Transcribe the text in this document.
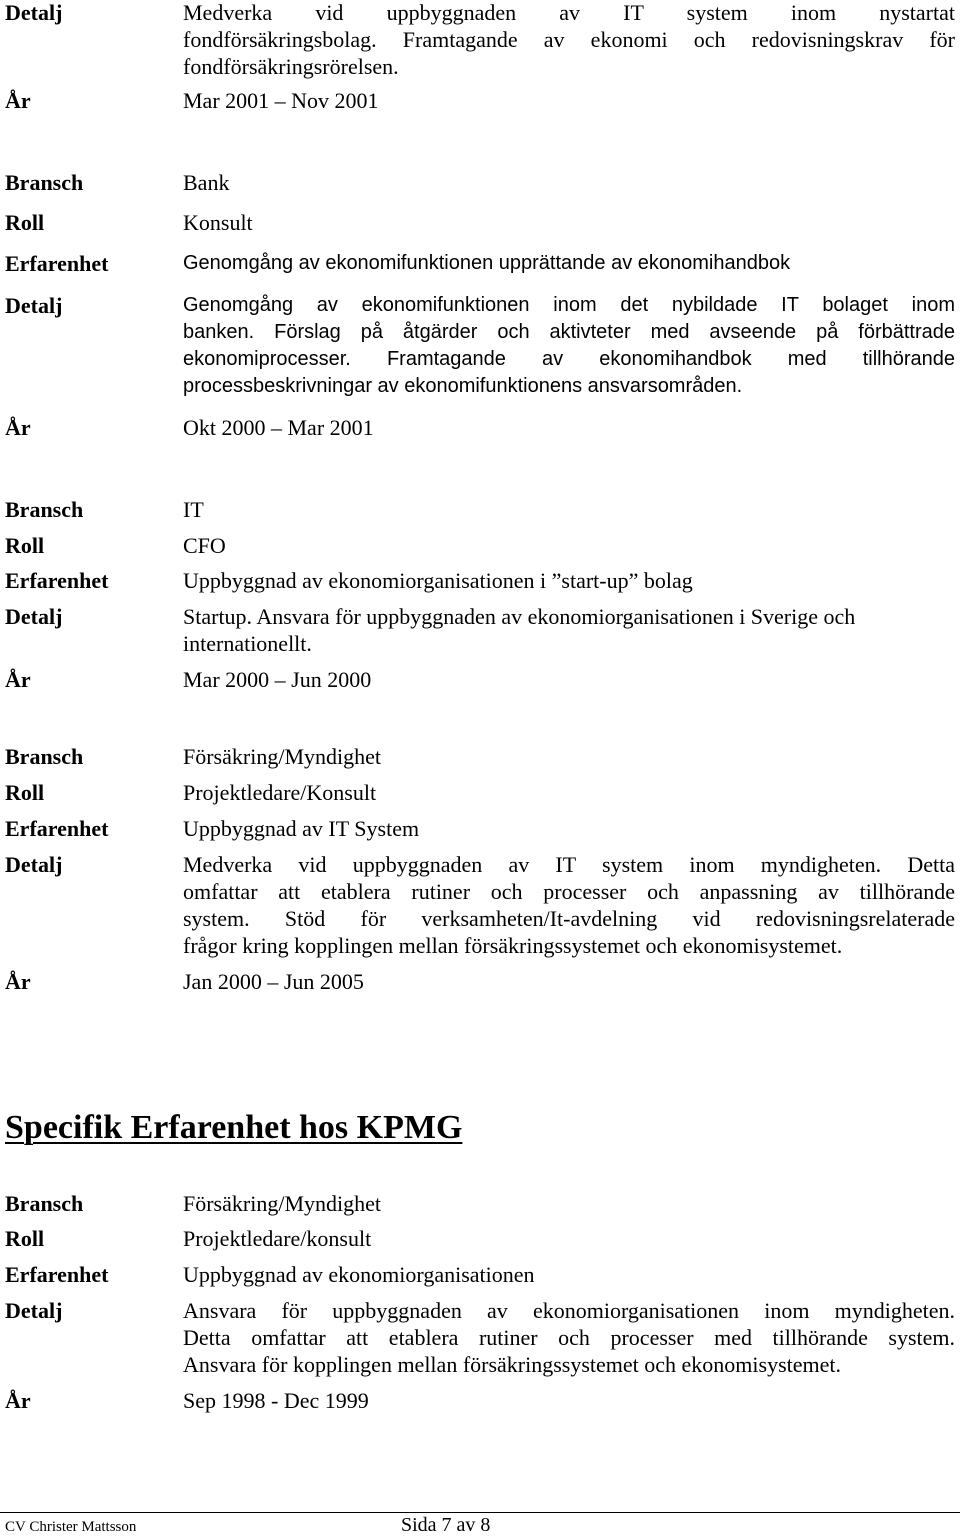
Detalj	Medverka vid uppbyggnaden av IT system inom nystartat
fondförsäkringsbolag. Framtagande av ekonomi och redovisningskrav för
fondförsäkringsrörelsen.
År	Mar 2001 – Nov 2001
Bransch	Bank
Roll	Konsult
Erfarenhet	Genomgång av ekonomifunktionen upprättande av ekonomihandbok
Detalj	Genomgång av ekonomifunktionen inom det nybildade IT bolaget inom
banken. Förslag på åtgärder och aktivteter med avseende på förbättrade
ekonomiprocesser. Framtagande av ekonomihandbok med tillhörande
processbeskrivningar av ekonomifunktionens ansvarsområden.
År	Okt 2000 – Mar 2001
Bransch	IT
Roll	CFO
Erfarenhet	Uppbyggnad av ekonomiorganisationen i ”start-up” bolag
Detalj	Startup. Ansvara för uppbyggnaden av ekonomiorganisationen i Sverige och
internationellt.
År	Mar 2000 – Jun 2000
Bransch	Försäkring/Myndighet
Roll	Projektledare/Konsult
Erfarenhet	Uppbyggnad av IT System
Detalj	Medverka vid uppbyggnaden av IT system inom myndigheten. Detta
omfattar att etablera rutiner och processer och anpassning av tillhörande
system. Stöd för verksamheten/It-avdelning vid redovisningsrelaterade
frågor kring kopplingen mellan försäkringssystemet och ekonomisystemet.
År	Jan 2000 – Jun 2005
Specifik Erfarenhet hos KPMG
Bransch	Försäkring/Myndighet
Roll	Projektledare/konsult
Erfarenhet	Uppbyggnad av ekonomiorganisationen
Detalj	Ansvara för uppbyggnaden av ekonomiorganisationen inom myndigheten.
Detta omfattar att etablera rutiner och processer med tillhörande system.
Ansvara för kopplingen mellan försäkringssystemet och ekonomisystemet.
År	Sep 1998 - Dec 1999
CV Christer Mattsson	Sida 7 av 8
